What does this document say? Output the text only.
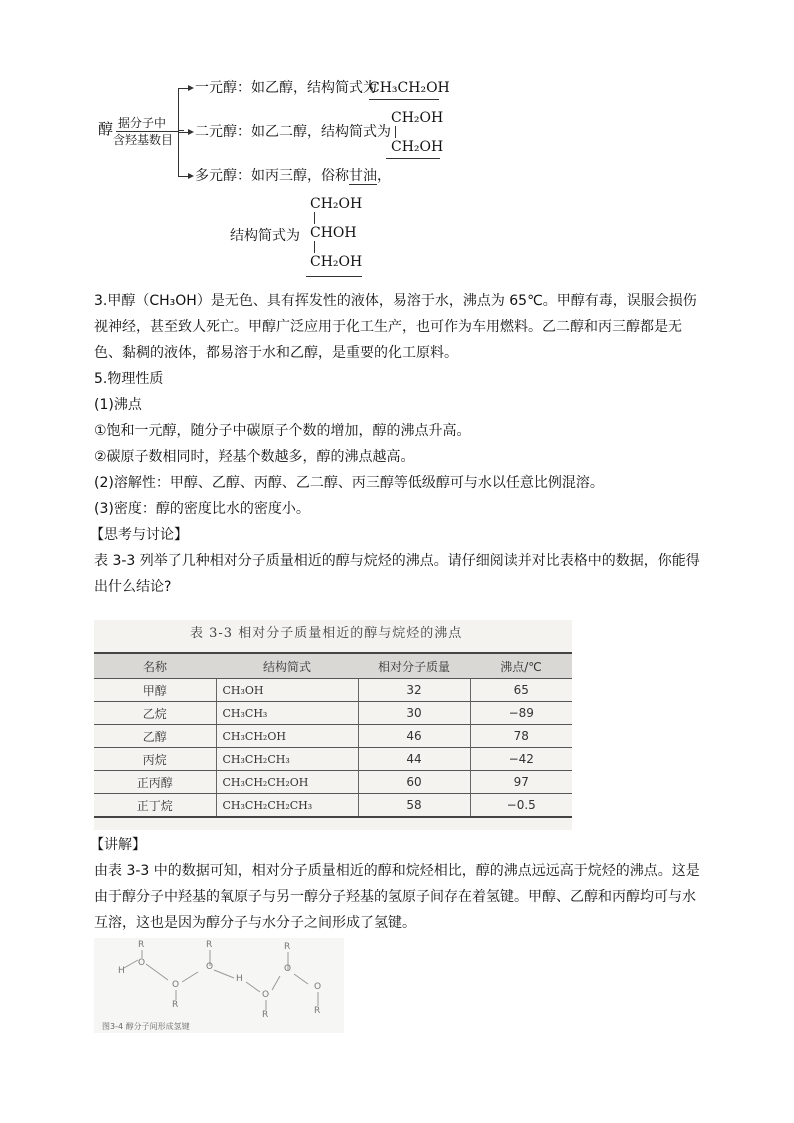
醇 据分子中
含羟基数目
一元醇：如乙醇，结构简式为
CH₃CH₂OH
二元醇：如乙二醇，结构简式为
CH₂OH
CH₂OH
多元醇：如丙三醇，俗称甘油，
结构简式为
CH₂OH
CHOH
CH₂OH
3.甲醇（CH₃OH）是无色、具有挥发性的液体，易溶于水，沸点为 65℃。甲醇有毒，误服会损伤视神经，甚至致人死亡。甲醇广泛应用于化工生产，也可作为车用燃料。乙二醇和丙三醇都是无色、黏稠的液体，都易溶于水和乙醇，是重要的化工原料。
5.物理性质
(1)沸点
①饱和一元醇，随分子中碳原子个数的增加，醇的沸点升高。
②碳原子数相同时，羟基个数越多，醇的沸点越高。
(2)溶解性：甲醇、乙醇、丙醇、乙二醇、丙三醇等低级醇可与水以任意比例混溶。
(3)密度：醇的密度比水的密度小。
【思考与讨论】
表 3-3 列举了几种相对分子质量相近的醇与烷烃的沸点。请仔细阅读并对比表格中的数据，你能得出什么结论?
表 3-3 相对分子质量相近的醇与烷烃的沸点
名称	结构简式	相对分子质量	沸点/℃
甲醇	CH₃OH	32	65
乙烷	CH₃CH₃	30	−89
乙醇	CH₃CH₂OH	46	78
丙烷	CH₃CH₂CH₃	44	−42
正丙醇	CH₃CH₂CH₂OH	60	97
正丁烷	CH₃CH₂CH₂CH₃	58	−0.5
【讲解】
由表 3-3 中的数据可知，相对分子质量相近的醇和烷烃相比，醇的沸点远远高于烷烃的沸点。这是由于醇分子中羟基的氧原子与另一醇分子羟基的氢原子间存在着氢键。甲醇、乙醇和丙醇均可与水互溶，这也是因为醇分子与水分子之间形成了氢键。
R
O
H
O
R
R
O
H
O
R
R
O
O
R
图3-4 醇分子间形成氢键
